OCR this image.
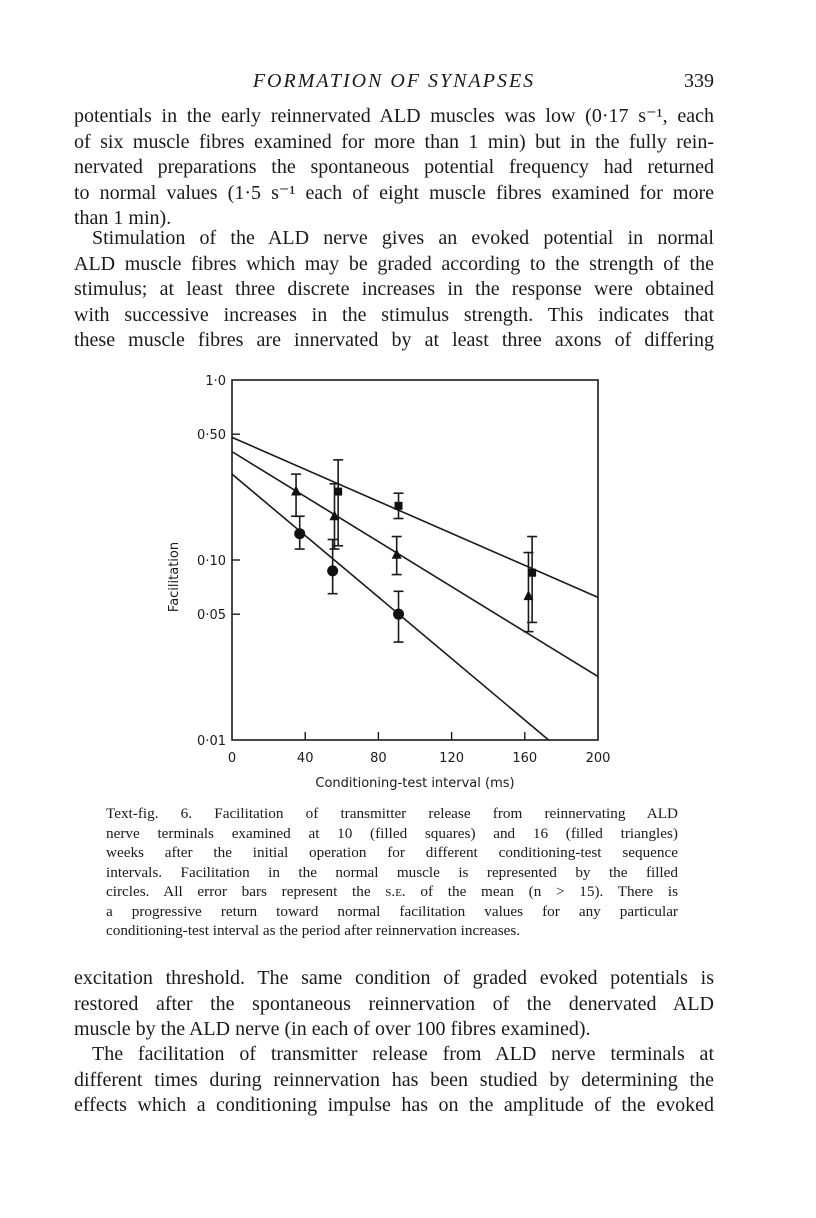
FORMATION OF SYNAPSES	339
potentials in the early reinnervated ALD muscles was low (0·17 s⁻¹, each
of six muscle fibres examined for more than 1 min) but in the fully rein-
nervated preparations the spontaneous potential frequency had returned
to normal values (1·5 s⁻¹ each of eight muscle fibres examined for more
than 1 min).
Stimulation of the ALD nerve gives an evoked potential in normal
ALD muscle fibres which may be graded according to the strength of the
stimulus; at least three discrete increases in the response were obtained
with successive increases in the stimulus strength. This indicates that
these muscle fibres are innervated by at least three axons of differing
0	40	80	120	160	200
0·01
0·05
0·10
0·50
1·0
Conditioning-test interval (ms)
Facilitation
Text-fig. 6. Facilitation of transmitter release from reinnervating ALD
nerve terminals examined at 10 (filled squares) and 16 (filled triangles)
weeks after the initial operation for different conditioning-test sequence
intervals. Facilitation in the normal muscle is represented by the filled
circles. All error bars represent the s.e. of the mean (n > 15). There is
a progressive return toward normal facilitation values for any particular
conditioning-test interval as the period after reinnervation increases.
excitation threshold. The same condition of graded evoked potentials is
restored after the spontaneous reinnervation of the denervated ALD
muscle by the ALD nerve (in each of over 100 fibres examined).
The facilitation of transmitter release from ALD nerve terminals at
different times during reinnervation has been studied by determining the
effects which a conditioning impulse has on the amplitude of the evoked
